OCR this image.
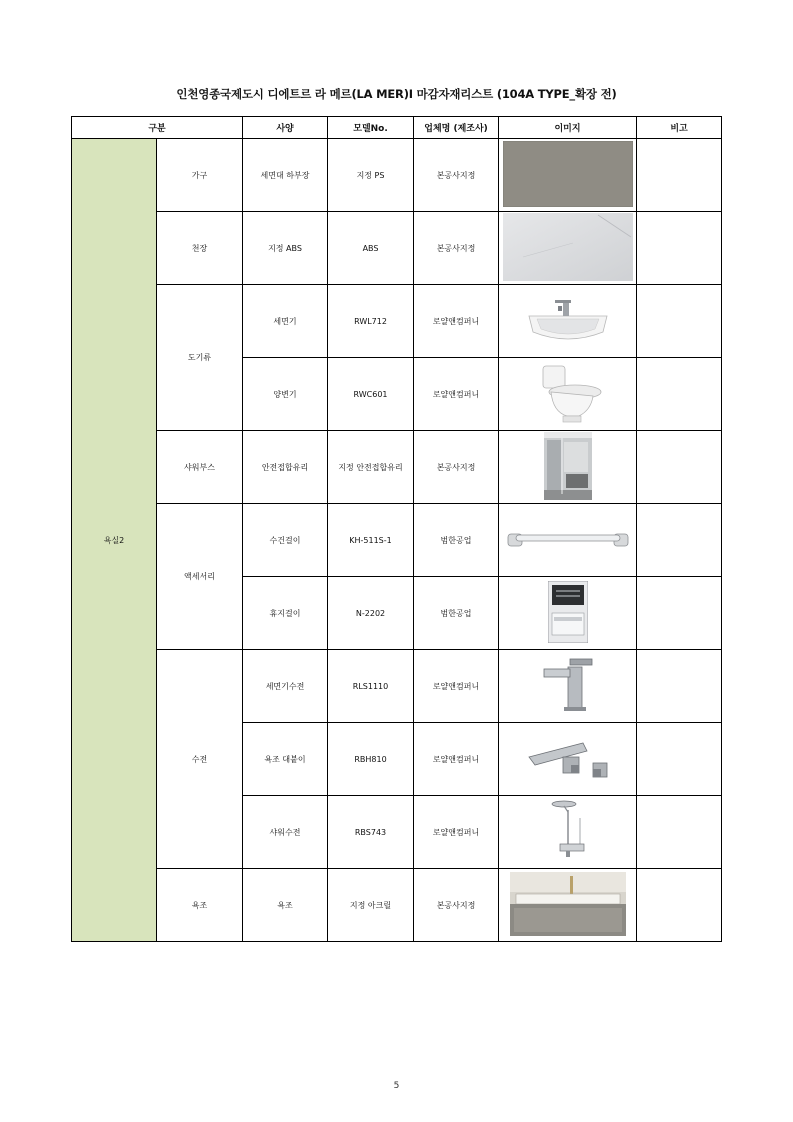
인천영종국제도시 디에트르 라 메르(LA MER)Ⅰ 마감자재리스트 (104A TYPE_확장 전)
구분		사양	모델No.	업체명 (제조사)	이미지	비고
욕실2	가구	세면대 하부장	지정 PS	본공사지정		
	천장	지정 ABS	ABS	본공사지정		
	도기류	세면기	RWL712	로얄앤컴퍼니		
		양변기	RWC601	로얄앤컴퍼니		
	샤워부스	안전접합유리	지정 안전접합유리	본공사지정		
	액세서리	수건걸이	KH-511S-1	범한공업		
		휴지걸이	N-2202	범한공업		
	수전	세면기수전	RLS1110	로얄앤컴퍼니		
		욕조 대붙이	RBH810	로얄앤컴퍼니		
		샤워수전	RBS743	로얄앤컴퍼니		
	욕조	욕조	지정 아크릴	본공사지정		
5
